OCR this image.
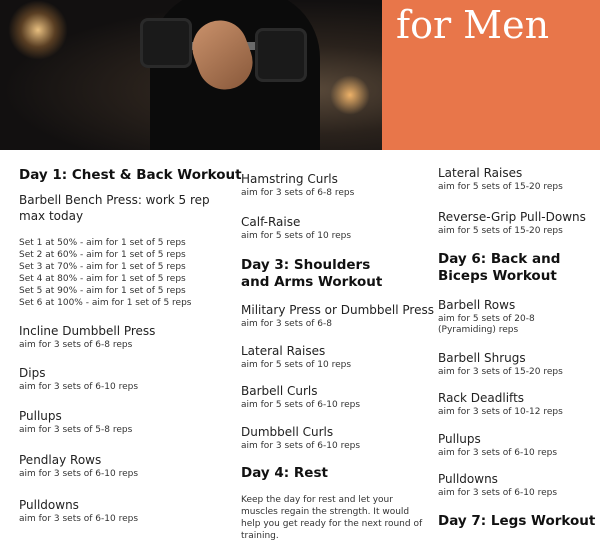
for Men
Day 1: Chest & Back Workout
Barbell Bench Press: work 5 rep
max today
Set 1 at 50% - aim for 1 set of 5 reps
Set 2 at 60% - aim for 1 set of 5 reps
Set 3 at 70% - aim for 1 set of 5 reps
Set 4 at 80% - aim for 1 set of 5 reps
Set 5 at 90% - aim for 1 set of 5 reps
Set 6 at 100% - aim for 1 set of 5 reps
Incline Dumbbell Press
aim for 3 sets of 6-8 reps
Dips
aim for 3 sets of 6-10 reps
Pullups
aim for 3 sets of 5-8 reps
Pendlay Rows
aim for 3 sets of 6-10 reps
Pulldowns
aim for 3 sets of 6-10 reps
Hamstring Curls
aim for 3 sets of 6-8 reps
Calf-Raise
aim for 5 sets of 10 reps
Day 3: Shoulders
and Arms Workout
Military Press or Dumbbell Press
aim for 3 sets of 6-8
Lateral Raises
aim for 5 sets of 10 reps
Barbell Curls
aim for 5 sets of 6-10 reps
Dumbbell Curls
aim for 3 sets of 6-10 reps
Day 4: Rest
Keep the day for rest and let your muscles regain the strength. It would help you get ready for the next round of training.
Lateral Raises
aim for 5 sets of 15-20 reps
Reverse-Grip Pull-Downs
aim for 5 sets of 15-20 reps
Day 6: Back and
Biceps Workout
Barbell Rows
aim for 5 sets of 20-8
(Pyramiding) reps
Barbell Shrugs
aim for 3 sets of 15-20 reps
Rack Deadlifts
aim for 3 sets of 10-12 reps
Pullups
aim for 3 sets of 6-10 reps
Pulldowns
aim for 3 sets of 6-10 reps
Day 7: Legs Workout
